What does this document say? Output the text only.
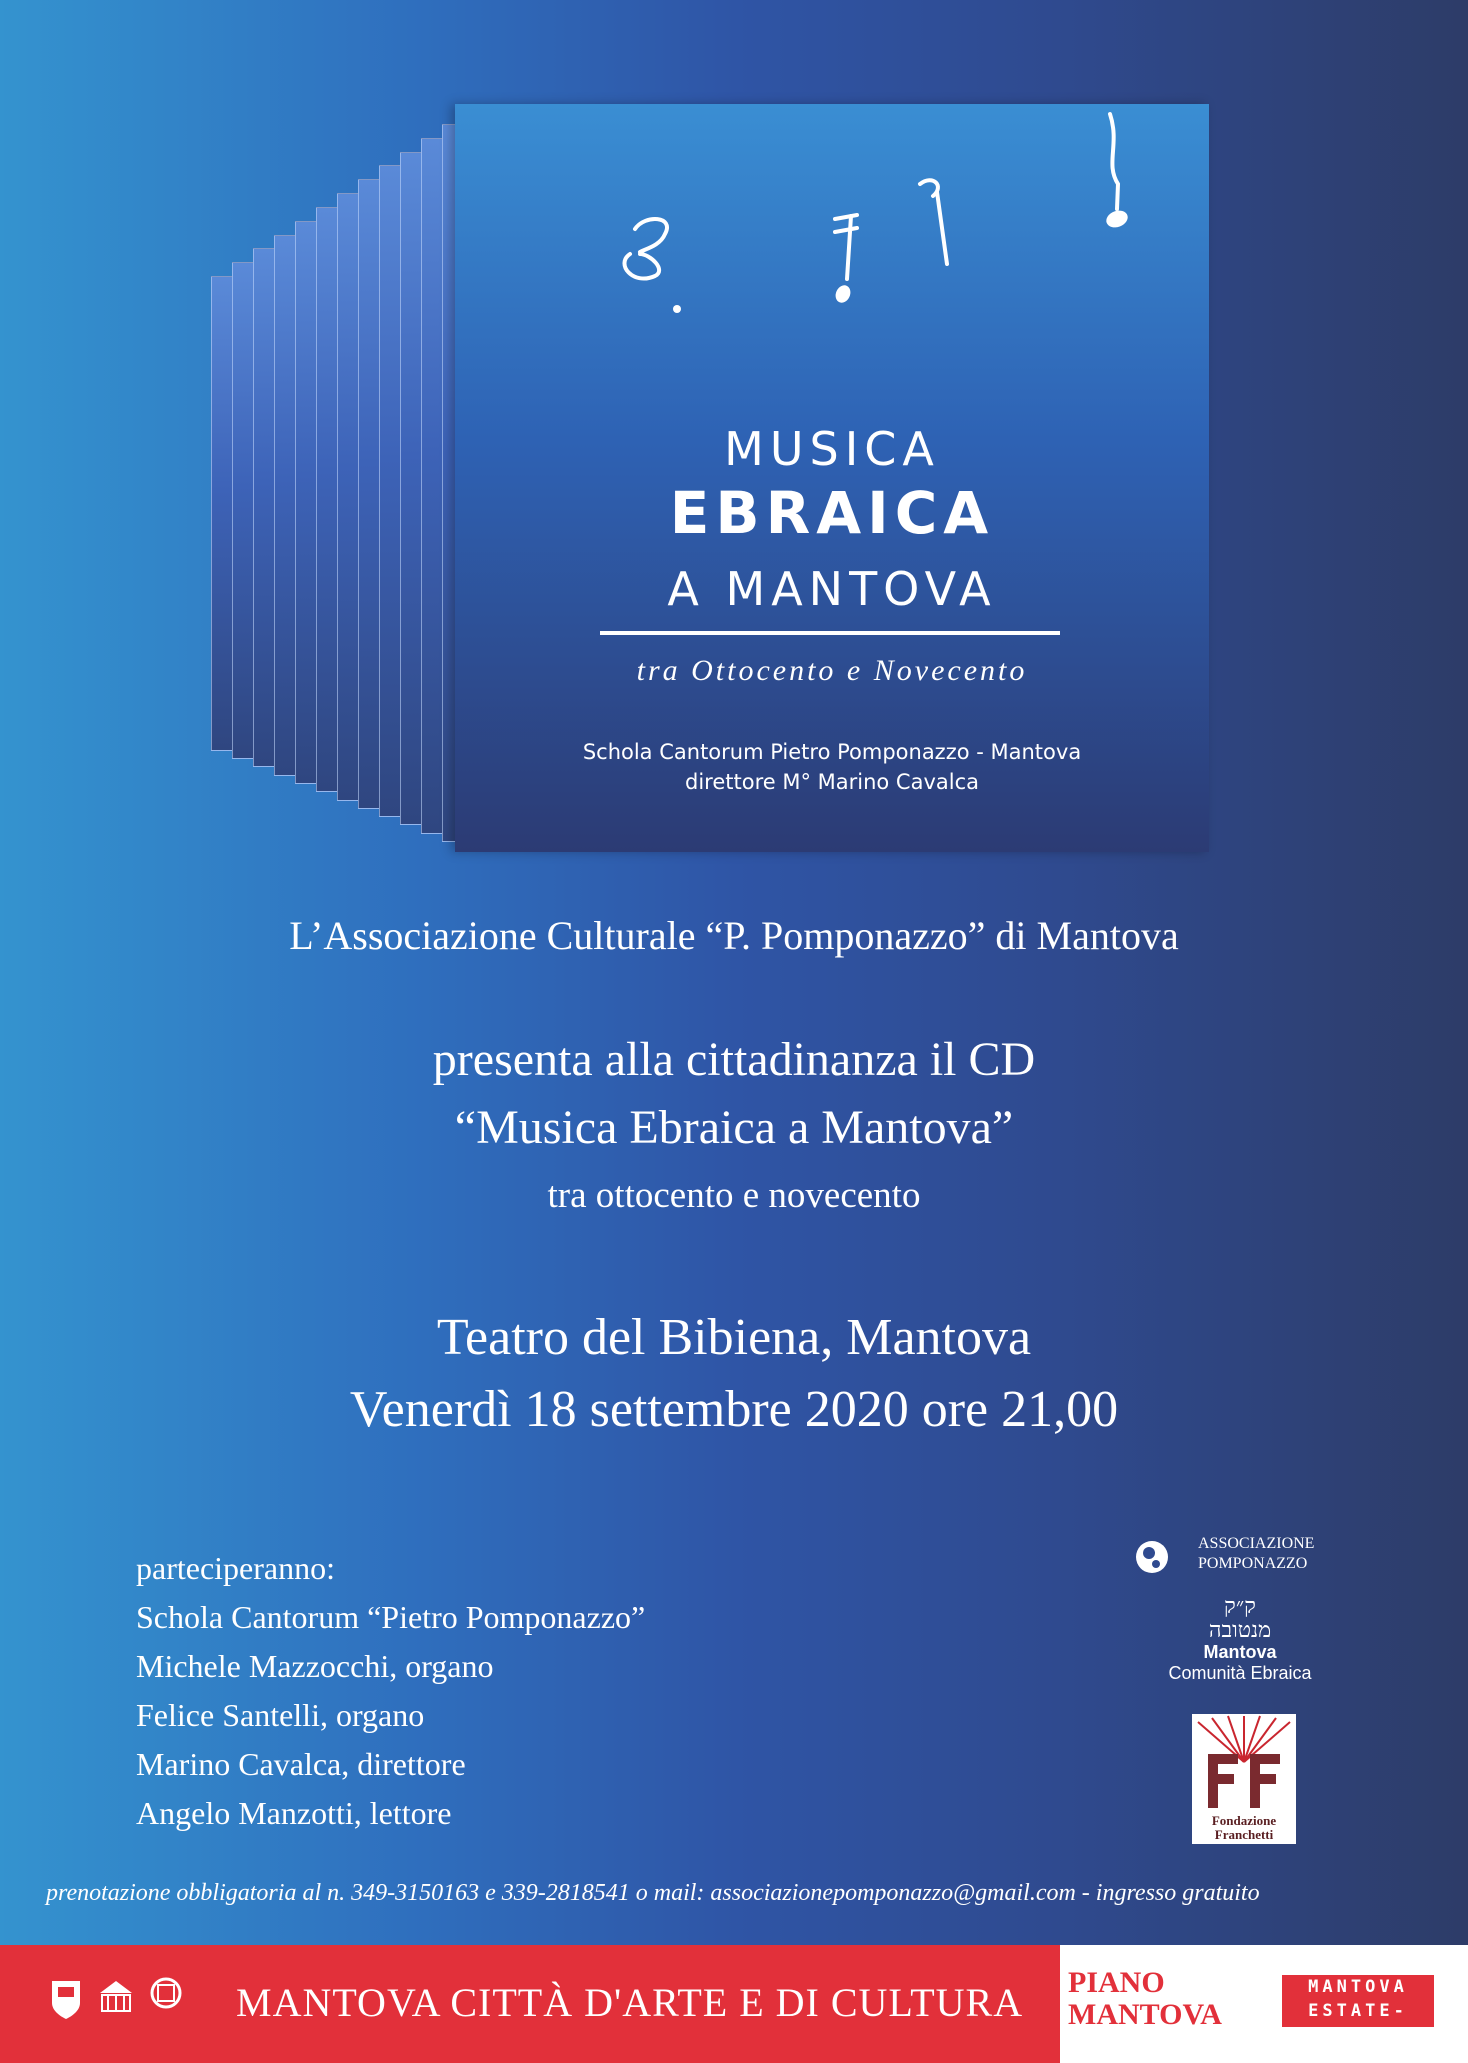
MUSICA
EBRAICA
A MANTOVA
tra Ottocento e Novecento
Schola Cantorum Pietro Pomponazzo - Mantova
direttore M° Marino Cavalca
L’Associazione Culturale “P. Pomponazzo” di Mantova
presenta alla cittadinanza il CD
“Musica Ebraica a Mantova”
tra ottocento e novecento
Teatro del Bibiena, Mantova
Venerdì 18 settembre 2020 ore 21,00
parteciperanno:
Schola Cantorum “Pietro Pomponazzo”
Michele Mazzocchi, organo
Felice Santelli, organo
Marino Cavalca, direttore
Angelo Manzotti, lettore
ASSOCIAZIONE
POMPONAZZO
ק״ק
מנטובה
Mantova
Comunità Ebraica
Fondazione
Franchetti
prenotazione obbligatoria al n. 349-3150163 e 339-2818541 o mail: associazionepomponazzo@gmail.com - ingresso gratuito
MANTOVA CITTÀ D'ARTE E DI CULTURA PIANO
MANTOVA
MANTOVA
ESTATE-
